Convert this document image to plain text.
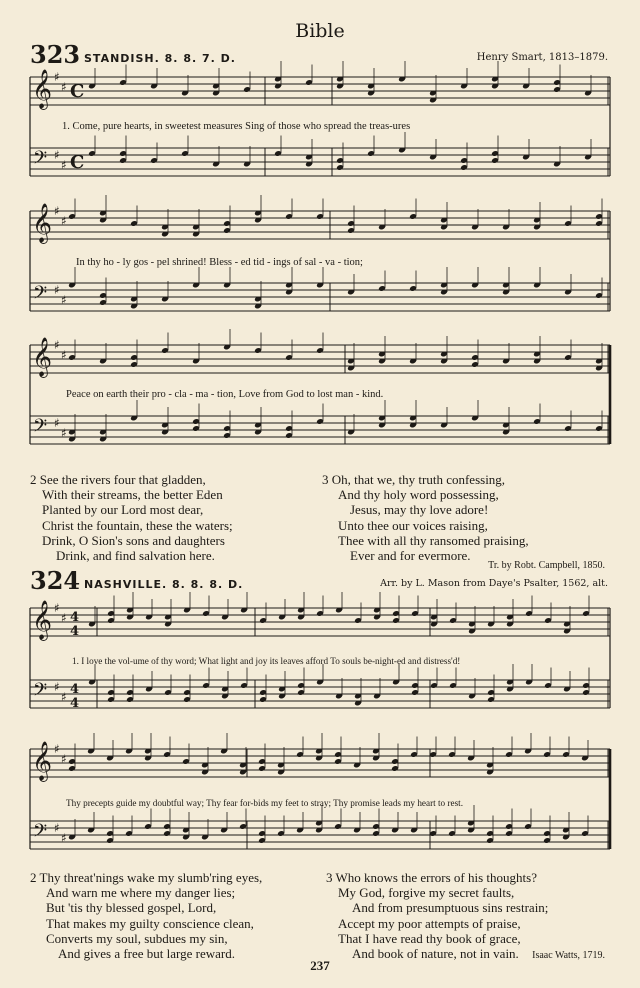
Bible
323 STANDISH. 8. 8. 7. D.	Henry Smart, 1813–1879.
𝄞
𝄢
♯
♯
♯
♯
C
C
𝄞
𝄢
♯
♯
♯
♯
𝄞
𝄢
♯
♯
♯
♯
𝄞
𝄢
♯
♯
♯
♯
4
4
4
4
𝄞
𝄢
♯
♯
♯
♯
1. Come, pure hearts, in sweetest measures Sing of those who spread the treas-ures
In thy ho - ly gos - pel shrined! Bless - ed tid - ings of sal - va - tion;
Peace on earth their pro - cla - ma - tion, Love from God to lost man - kind.
2 See the rivers four that gladden,
With their streams, the better Eden
Planted by our Lord most dear,
Christ the fountain, these the waters;
Drink, O Sion's sons and daughters
Drink, and find salvation here.
3 Oh, that we, thy truth confessing,
And thy holy word possessing,
Jesus, may thy love adore!
Unto thee our voices raising,
Thee with all thy ransomed praising,
Ever and for evermore.
Tr. by Robt. Campbell, 1850.
324 NASHVILLE. 8. 8. 8. D.	Arr. by L. Mason from Daye's Psalter, 1562, alt.
1. I love the vol-ume of thy word; What light and joy its leaves afford To souls be-night-ed and distress'd!
Thy precepts guide my doubtful way; Thy fear for-bids my feet to stray; Thy promise leads my heart to rest.
2 Thy threat'nings wake my slumb'ring eyes,
And warn me where my danger lies;
But 'tis thy blessed gospel, Lord,
That makes my guilty conscience clean,
Converts my soul, subdues my sin,
And gives a free but large reward.
3 Who knows the errors of his thoughts?
My God, forgive my secret faults,
And from presumptuous sins restrain;
Accept my poor attempts of praise,
That I have read thy book of grace,
And book of nature, not in vain.	Isaac Watts, 1719.
237
